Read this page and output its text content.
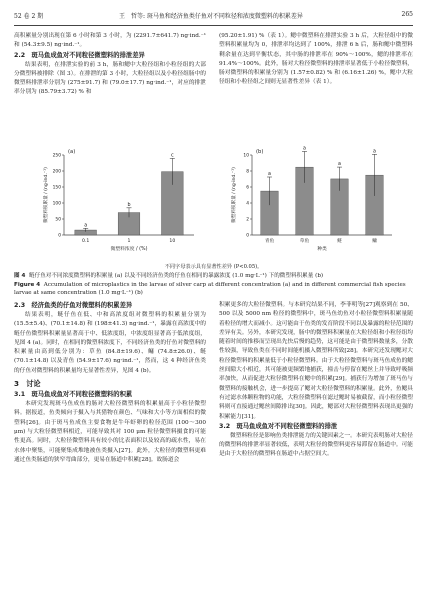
52 卷 2 期	王　哲等: 斑马鱼和经济鱼类仔鱼对不同粒径和浓度微塑料的积累差异	265

高积累量分别出现在第 6 小时和第 3 小时，为 (2291.7±641.7) ng·ind.⁻¹ 和 (54.3±9.5) ng·ind.⁻¹。

2.2　斑马鱼成鱼对不同粒径微塑料的排泄差异

结果表明，在排泄实验的前 3 h，肠和鳃中大粒径组和小粒径组的大部分微塑料被排除（图 3）。在排泄的第 3 小时，大粒径组以及小粒径组肠中的微塑料排泄率分别为 (275±91.7) 和 (79.0±17.7) ng·ind.⁻¹，对应的排泄率分别为 (85.79±3.72) % 和

(95.20±1.91) %（表 1）。鳃中微塑料在排泄实验 3 h 后，大粒径组中的微塑料积累量均为 0，排泄率均达到了 100%，排泄 6 h 后，肠和鳃中微塑料剩余量在达到平衡状态，其中肠的排泄率在 90%～100%，鳃的排泄率在 91.4%～100%。此外，肠对大粒径微塑料的排泄率显著低于小粒径微塑料，肠对微塑料的积累量分别为 (1.57±0.82) % 和 (6.16±1.26) %，鳃中大粒径组和小粒径组之间则无显著性差异（表 1）。

0
50
100
150
200
250
a
0.1
b
1
c
10
微塑料浓度 / (%)
微塑料积累量 / (ng·ind.⁻¹)
(a)
0
2
4
6
8
10
a
青鱼
a
草鱼
a
鲢
a
鳙
种类
微塑料积累量 / (ng·ind.⁻¹)
(b)
不同字母表示具有显著性差异 (P<0.05)。
图 4 鲢仔鱼对不同浓度微塑料的积累量 (a) 以及不同经济鱼类的仔鱼在相同的暴露浓度 (1.0 mg·L⁻¹) 下的微塑料积累量 (b)
Figure 4 Accumulation of microplastics in the larvae of silver carp at different concentration (a) and in different commercial fish species larvae at same concentration (1.0 mg·L⁻¹) (b)
2.3　经济鱼类的仔鱼对微塑料的积累差异

结果表明，鲢仔鱼在低、中和高浓度组对微塑料的积累量分别为 (15.5±5.4)、(70.1±14.8) 和 (198±41.3) ng·ind.⁻¹，暴露在高浓度中的鲢仔鱼微塑料积累量显著高于中、低浓度组，中浓度组显著高于低浓度组，见图 4 (a)。同时，在相同的微塑料浓度下，不同经济鱼类的仔鱼对微塑料的积累量由高到低分别为：草鱼 (84.8±19.6)、鳙 (74.8±26.0)、鲢 (70.1±14.8) 以及青鱼 (54.9±17.6) ng·ind.⁻¹，然而，这 4 种经济鱼类的仔鱼对微塑料的积累量均无显著性差异，见图 4 (b)。

3　讨论
3.1　斑马鱼成鱼对不同粒径微塑料的积累

本研究发现斑马鱼成鱼的肠对大粒径微塑料的积累量高于小粒径微塑料。据报道，鱼类倾向于摄入与其猎物在颜色、气味和大小等方面相似的微塑料[26]。由于斑马鱼成鱼主要食物是牛年虾卵的粒径范围 (100～300 μm) 与大粒径微塑料相近，可能导致其对 100 μm 粒径微塑料摄食的可能性更高。同时，大粒径微塑料具有较小的比表面积以及较高的疏水性，易在水体中聚集，可能聚集成堆地被鱼类摄入[27]。此外，大粒径的微塑料更难通过鱼类肠道的狭窄弯曲部分，更易在肠道中积累[28]。故肠道会

积累更多的大粒径微塑料。与本研究结果不同，李菲明等[27]观察到在 50、500 以及 5000 nm 粒径的微塑料中，斑马鱼幼鱼对小粒径微塑料积累量随着粒径的增大而减小。这可能由于鱼类的发育阶段不同以及暴露的粒径范围的差异有关。另外，本研究发现，肠中的微塑料积累量在大粒径组和小粒径组均随着时间的推移而呈现出先快后慢的趋势，这可能是由于微塑料数量多，分散性较强，导致鱼类在不同时间能机摄入微塑料所致[28]。本研究还发现鳃对大粒径微塑料的积累量低于小粒径微塑料。由于大粒径微塑料与斑马鱼成鱼的鳃丝间隙大小相近，其可能被更频繁地捕获，撞击与停留在鳃丝上并导致呼吸频率加快，从而促进大粒径微塑料在鳃中的积累[29]。捕获行为增加了斑马鱼与微塑料的接触机会，进一步提高了鳃对大粒径微塑料的积累量。此外，鱼鳃具有过滤水体颗粒物的功能，大粒径微塑料在滤过鳃时易被截留，而小粒径微塑料则可直接通过鳃丝间隙排出[30]。因此，鳃部对大粒径微塑料表现出更强的积累能力[31]。

3.2　斑马鱼成鱼对不同粒径微塑料的排泄

微塑料粒径是影响鱼类排泄能力的关键因素之一。本研究表明肠对大粒径的微塑料的排泄率显著较低，表明大粒径的微塑料更容易滞留在肠道中。可能是由于大粒径的微塑料在肠道中占据空间大。
